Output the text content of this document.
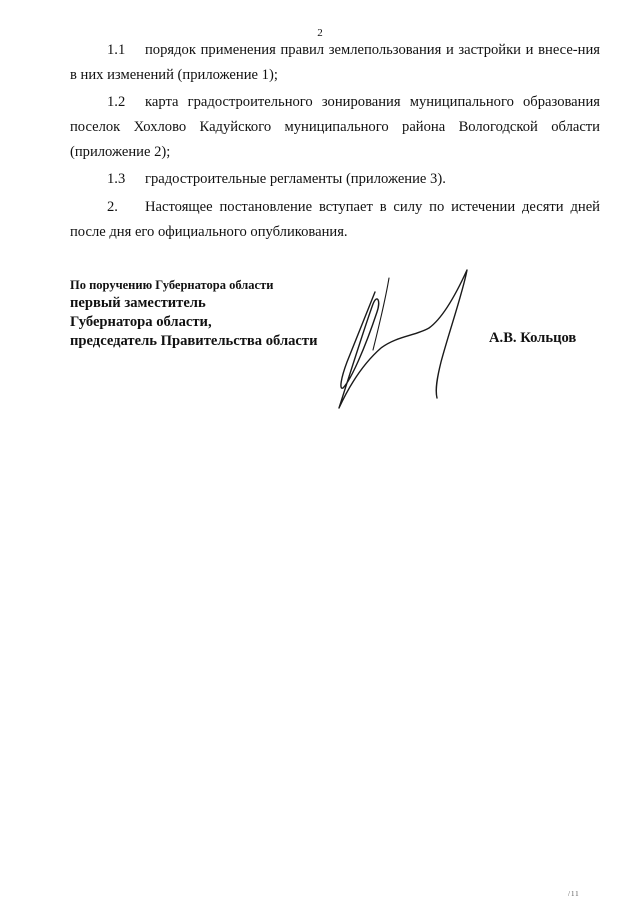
2
1.1 порядок применения правил землепользования и застройки и внесе-ния в них изменений (приложение 1);
1.2 карта градостроительного зонирования муниципального образования поселок Хохлово Кадуйского муниципального района Вологодской области (приложение 2);
1.3 градостроительные регламенты (приложение 3).
2. Настоящее постановление вступает в силу по истечении десяти дней после дня его официального опубликования.
По поручению Губернатора области
первый заместитель
Губернатора области,
председатель Правительства области	А.В. Кольцов
/11
